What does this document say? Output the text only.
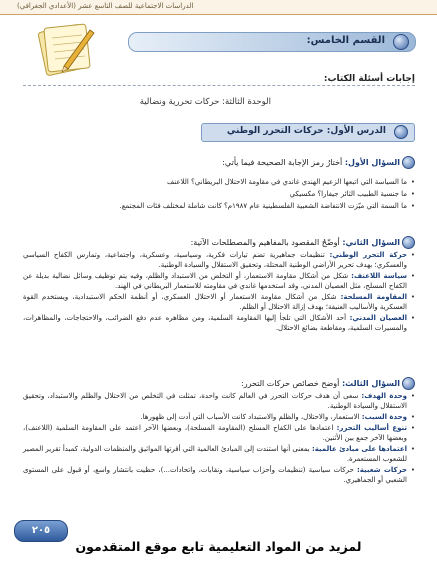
الدراسات الاجتماعية للصف التاسع عشر (الأعدادي الجغرافي)
القسم الخامس:
إجابات أسئلة الكتاب:
الوحدة الثالثة: حركات تحررية ونضالية
الدرس الأول: حركات التحرر الوطني
السؤال الأول: أختارُ رمز الإجابة الصحيحة فيما يأتي:
• ما السياسة التي اتبعها الزعيم الهندي غاندي في مقاومة الاحتلال البريطاني؟ اللاعنف
• ما جنسية الطبيب الثائر جيفارا؟ مكسيكي
• ما السمة التي ميّزت الانتفاضة الشعبية الفلسطينية عام ١٩٨٧م؟ كانت شاملة لمختلف فئات المجتمع.
السؤال الثاني: أوضّحُ المقصود بالمفاهيم والمصطلحات الآتية:
• حركة التحرر الوطني: تنظيمات جماهيرية تضم تيارات فكرية، وسياسية، وعسكرية، واجتماعية، وتمارس الكفاح السياسي والعسكري؛ بهدف تحرير الأراضي الوطنية المحتلة، وتحقيق الاستقلال والسيادة الوطنية.
• سياسة اللاعنف: شكل من أشكال مقاومة الاستعمار، أو التخلص من الاستبداد والظلم، وفيه يتم توظيف وسائل نضالية بديلة عن الكفاح المسلح، مثل العصيان المدني، وقد استخدمها غاندي في مقاومته للاستعمار البريطاني في الهند.
• المقاومة المسلحة: شكل من أشكال مقاومة الاستعمار أو الاحتلال العسكري، أو أنظمة الحكم الاستبدادية، ويستخدم القوة العسكرية والأساليب العنيفة؛ بهدف إزالة الاحتلال أو الظلم.
• العصيان المدني: أحد الأشكال التي تلجأ إليها المقاومة السلمية، ومن مظاهره عدم دفع الضرائب، والاحتجاجات، والمظاهرات، والمسيرات السلمية، ومقاطعة بضائع الاحتلال.
السؤال الثالث: أوضح خصائص حركات التحرر:
• وحدة الهدف: سعى أن هدف حركات التحرر في العالم كانت واحدة، تمثلت في التخلص من الاحتلال والظلم والاستبداد، وتحقيق الاستقلال والسيادة الوطنية.
• وحدة السبب: الاستعمار، والاحتلال، والظلم والاستبداد كانت الأسباب التي أدت إلى ظهورها.
• تنوع أساليب التحرر: اعتمادها على الكفاح المسلح (المقاومة المسلحة)، وبعضها الآخر اعتمد على المقاومة السلمية (اللاعنف)، وبعضها الآخر جمع بين الأثنين.
• اعتمادها على مبادئ عالمية: بمعنى أنها استندت إلى المبادئ العالمية التي أقرتها المواثيق والمنظمات الدولية، كمبدأ تقرير المصير للشعوب المستعمرة.
• حركات شعبية: حركات سياسية (تنظيمات وأحزاب سياسية، ونقابات، واتحادات...)، حظيت بانتشار واسع، أو قبول على المستوى الشعبي أو الجماهيري.
٢٠٥
لمزيد من المواد التعليمية تابع موقع المتقدمون
